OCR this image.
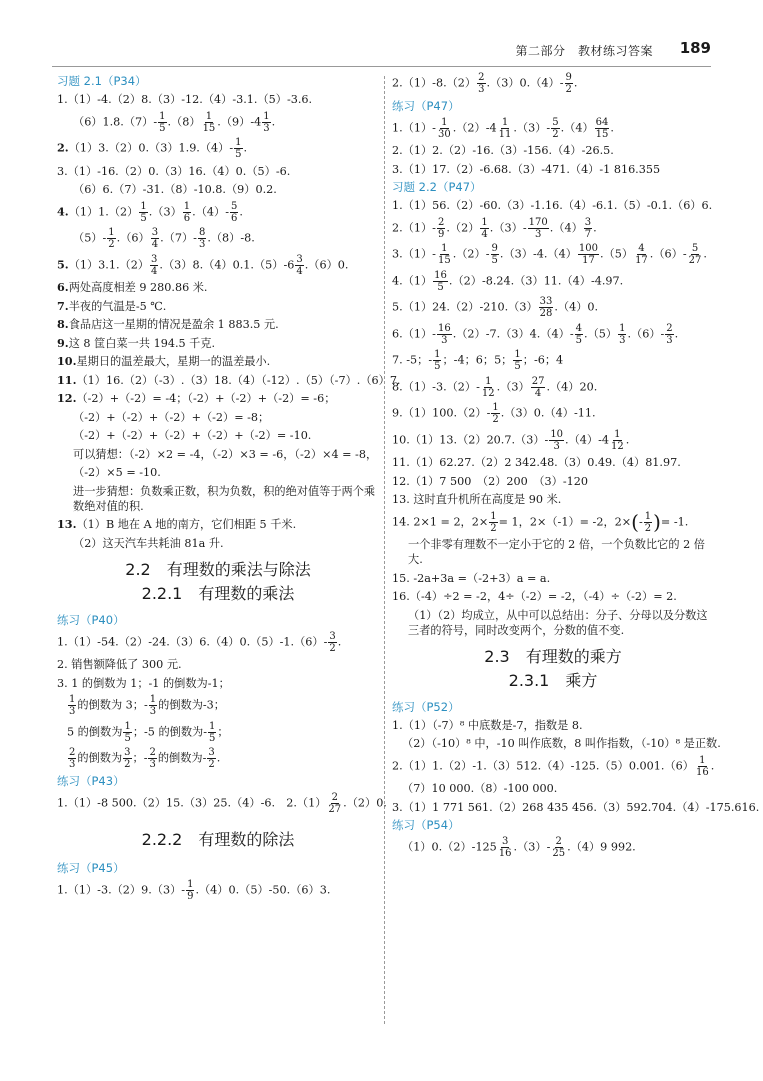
第二部分　教材练习答案 189
习题 2.1（P34）
1.（1）-4.（2）8.（3）-12.（4）-3.1.（5）-3.6.
$(6)1.8.(7)- \frac{1}{5} .(8) \frac{1}{15} .(9)-4 \frac{1}{3}$ .
$2.(1)3.(2)0.(3)1.9.(4)- \frac{1}{5}$ .
3.（1）-16.（2）0.（3）16.（4）0.（5）-6.
（6）6.（7）-31.（8）-10.8.（9）0.2.
$4.(1)1.(2) \frac{1}{5} .(3) \frac{1}{6} .(4)- \frac{5}{6}$ .
$(5)- \frac{1}{2} .(6) \frac{3}{4} .(7)- \frac{8}{3} .(8)-8$.
$5.(1)3.1.(2) \frac{3}{4} .(3)8.(4)0.1.(5)-6 \frac{3}{4} .(6)0$.
6.两处高度相差 9 280.86 米.
7.半夜的气温是-5 ℃.
8.食品店这一星期的情况是盈余 1 883.5 元.
9.这 8 筐白菜一共 194.5 千克.
10.星期日的温差最大，星期一的温差最小.
11.（1）16.（2）（-3）.（3）18.（4）（-12）.（5）（-7）.（6）7.
12.（-2）+（-2）= -4；（-2）+（-2）+（-2）= -6；
（-2）+（-2）+（-2）+（-2）= -8；
（-2）+（-2）+（-2）+（-2）+（-2）= -10.
可以猜想：（-2）×2 = -4，（-2）×3 = -6，（-2）×4 = -8，
（-2）×5 = -10.
进一步猜想：负数乘正数，积为负数，积的绝对值等于两个乘数绝对值的积.
13.（1）B 地在 A 地的南方，它们相距 5 千米.
（2）这天汽车共耗油 81a 升.
2.2　有理数的乘法与除法
2.2.1　有理数的乘法
练习（P40）
$1.(1)-54.(2)-24.(3)6.(4)0.(5)-1.(6)- \frac{3}{2}$ .
2. 销售额降低了 300 元.
3. 1 的倒数为 1；-1 的倒数为-1；
$\frac{1}{3}$ 的倒数为 3；- $\frac{1}{3}$ 的倒数为-3；
5 的倒数为 $\frac{1}{5}$ ；-5 的倒数为- $\frac{1}{5}$ ；
$\frac{2}{3}$ 的倒数为 $\frac{3}{2}$ ；- $\frac{2}{3}$ 的倒数为- $\frac{3}{2}$ .
练习（P43）
1.（1）-8 500.（2）15.（3）25.（4）-6.　$2.(1) \frac{2}{27} .(2)0$.
2.2.2　有理数的除法
练习（P45）
$1.(1)-3.(2)9.(3)- \frac{1}{9} .(4)0.(5)-50.(6)3$.
$2.(1)-8.(2) \frac{2}{3} .(3)0.(4)- \frac{9}{2}$ .
练习（P47）
$1.(1)- \frac{1}{30} .(2)-4 \frac{1}{11} .(3)- \frac{5}{2} .(4) \frac{64}{15}$ .
2.（1）2.（2）-16.（3）-156.（4）-26.5.
3.（1）17.（2）-6.68.（3）-471.（4）-1 816.355
习题 2.2（P47）
1.（1）56.（2）-60.（3）-1.16.（4）-6.1.（5）-0.1.（6）6.
$2.(1)- \frac{2}{9} .(2) \frac{1}{4} .(3)- \frac{170}{3} .(4) \frac{3}{7}$ .
$3.(1)- \frac{1}{15} .(2)- \frac{9}{5} .(3)-4.(4) \frac{100}{17} .(5) \frac{4}{17} .(6)- \frac{5}{27}$ .
$4.(1) \frac{16}{5} .(2)-8.24.(3)11.(4)-4.97$.
$5.(1)24.(2)-210.(3) \frac{33}{28} .(4)0$.
$6.(1)- \frac{16}{3} .(2)-7.(3)4.(4)- \frac{4}{5} .(5) \frac{1}{3} .(6)- \frac{2}{3}$ .
7. -5；- $\frac{1}{5}$ ；-4；6；5； $\frac{1}{5}$ ；-6；4
$8.(1)-3.(2)- \frac{1}{12} .(3) \frac{27}{4} .(4)20$.
$9.(1)100.(2)- \frac{1}{2} .(3)0.(4)-11$.
$10.(1)13.(2)20.7.(3)- \frac{10}{3} .(4)-4 \frac{1}{12}$ .
11.（1）62.27.（2）2 342.48.（3）0.49.（4）81.97.
12.（1）7 500　（2）200　（3）-120
13. 这时直升机所在高度是 90 米.
14. 2×1 = 2，$2\times \frac{1}{2} = 1$，2×（-1）= -2，$2\times(- \frac{1}{2}$ )= -1.
一个非零有理数不一定小于它的 2 倍，一个负数比它的 2 倍大.
15. -2a+3a =（-2+3）a = a.
16.（-4）÷2 = -2，4÷（-2）= -2，（-4）÷（-2）= 2.
（1）（2）均成立，从中可以总结出：分子、分母以及分数这三者的符号，同时改变两个，分数的值不变.
2.3　有理数的乘方
2.3.1　乘方
练习（P52）
1.（1）（-7）⁸ 中底数是-7，指数是 8.
（2）（-10）⁸ 中，-10 叫作底数，8 叫作指数，（-10）⁸ 是正数.
$2.(1)1.(2)-1.(3)512.(4)-125.(5)0.001.(6) \frac{1}{16}$ .
（7）10 000.（8）-100 000.
3.（1）1 771 561.（2）268 435 456.（3）592.704.（4）-175.616.
练习（P54）
$(1)0.(2)-125 \frac{3}{16} .(3)- \frac{2}{25} .(4)9$ 992.
